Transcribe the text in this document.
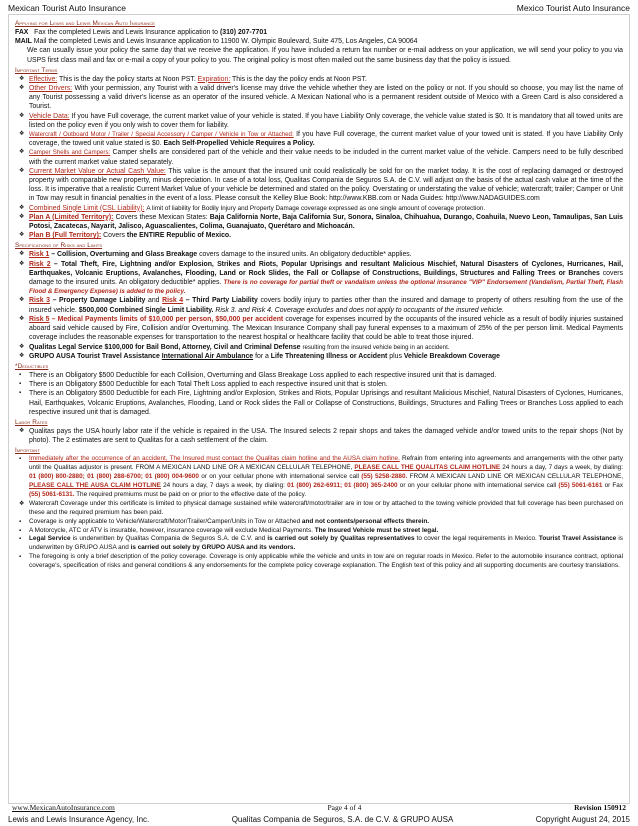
Mexican Tourist Auto Insurance	Mexico Tourist Auto Insurance
Applying for Lewis and Lewis Mexican Auto Insurance

FAX Fax the completed Lewis and Lewis Insurance application to (310) 207-7701

MAIL Mail the completed Lewis and Lewis Insurance application to 11900 W. Olympic Boulevard, Suite 475, Los Angeles, CA 90064

We can usually issue your policy the same day that we receive the application. If you have included a return fax number or e-mail address on your application, we will send your policy to you via USPS first class mail and fax or e-mail a copy of your policy to you. The original policy is most often mailed out the same business day that the policy is issued.

Important Terms
❖ Effective: This is the day the policy starts at Noon PST. Expiration: This is the day the policy ends at Noon PST.
❖ Other Drivers: With your permission, any Tourist with a valid driver's license may drive the vehicle whether they are listed on the policy or not. If you should so choose, you may list the name of any Tourist possessing a valid driver's license as an operator of the insured vehicle. A Mexican National who is a permanent resident outside of Mexico with a Green Card is also considered a Tourist.
❖ Vehicle Data: If you have Full coverage, the current market value of your vehicle is stated. If you have Liability Only coverage, the vehicle value stated is $0. It is mandatory that all towed units are listed on the policy even if you only wish to cover them for liability.
❖ Watercraft / Outboard Motor / Trailer / Special Accessory / Camper / Vehicle in Tow or Attached: If you have Full coverage, the current market value of your towed unit is stated. If you have Liability Only coverage, the towed unit value stated is $0. Each Self-Propelled Vehicle Requires a Policy.
❖ Camper Shells and Campers: Camper shells are considered part of the vehicle and their value needs to be included in the current market value of the vehicle. Campers need to be fully described with the current market value stated separately.
❖ Current Market Value or Actual Cash Value: This value is the amount that the insured unit could realistically be sold for on the market today. It is the cost of replacing damaged or destroyed property with comparable new property, minus depreciation. In case of a total loss, Qualitas Compania de Seguros S.A. de C.V. will adjust on the basis of the actual cash value at the time of the loss. It is imperative that a realistic Current Market Value of your vehicle be determined and stated on the policy. Overstating or understating the value of vehicle; watercraft; trailer; Camper or Unit in Tow may result in financial penalties in the event of a loss. Please consult the Kelley Blue Book: http://www.KBB.com or Nada Guides: http://www.NADAGUIDES.com
❖ Combined Single Limit (CSL Liability): A limit of liability for Bodily Injury and Property Damage coverage expressed as one single amount of coverage protection.
❖ Plan A (Limited Territory): Covers these Mexican States: Baja California Norte, Baja California Sur, Sonora, Sinaloa, Chihuahua, Durango, Coahuila, Nuevo Leon, Tamaulipas, San Luis Potosi, Zacatecas, Nayarit, Jalisco, Aguascalientes, Colima, Guanajuato, Querétaro and Michoacán.
❖ Plan B (Full Territory): Covers the ENTIRE Republic of Mexico.
Specifications of Risks and Limits
❖ Risk 1 – Collision, Overturning and Glass Breakage covers damage to the insured units. An obligatory deductible* applies.
❖ Risk 2 – Total Theft, Fire, Lightning and/or Explosion, Strikes and Riots, Popular Uprisings and resultant Malicious Mischief, Natural Disasters of Cyclones, Hurricanes, Hail, Earthquakes, Volcanic Eruptions, Avalanches, Flooding, Land or Rock Slides, the Fall or Collapse of Constructions, Buildings, Structures and Falling Trees or Branches covers damage to the insured units. An obligatory deductible* applies. There is no coverage for partial theft or vandalism unless the optional insurance "VIP" Endorsement (Vandalism, Partial Theft, Flash Flood & Emergency Expense) is added to the policy.
❖ Risk 3 – Property Damage Liability and Risk 4 – Third Party Liability covers bodily injury to parties other than the insured and damage to property of others resulting from the use of the insured vehicle. $500,000 Combined Single Limit Liability. Risk 3. and Risk 4. Coverage excludes and does not apply to occupants of the insured vehicle.
❖ Risk 5 – Medical Payments limits of $10,000 per person, $50,000 per accident coverage for expenses incurred by the occupants of the insured vehicle as a result of bodily injuries sustained aboard said vehicle caused by Fire, Collision and/or Overturning. The Mexican Insurance Company shall pay funeral expenses to a maximum of 25% of the per person limit. Medical Payments coverage includes the reasonable expenses for transportation to the nearest hospital or healthcare facility that could be able to treat those injured.
❖ Qualitas Legal Service $100,000 for Bail Bond, Attorney, Civil and Criminal Defense resulting from the insured vehicle being in an accident.
❖ GRUPO AUSA Tourist Travel Assistance International Air Ambulance for a Life Threatening Illness or Accident plus Vehicle Breakdown Coverage
*Deductibles
▪ There is an Obligatory $500 Deductible for each Collision, Overturning and Glass Breakage Loss applied to each respective insured unit that is damaged.
▪ There is an Obligatory $500 Deductible for each Total Theft Loss applied to each respective insured unit that is stolen.
▪ There is an Obligatory $500 Deductible for each Fire, Lightning and/or Explosion, Strikes and Riots, Popular Uprisings and resultant Malicious Mischief, Natural Disasters of Cyclones, Hurricanes, Hail, Earthquakes, Volcanic Eruptions, Avalanches, Flooding, Land or Rock slides the Fall or Collapse of Constructions, Buildings, Structures and Falling Trees or Branches Loss applied to each respective insured unit that is damaged.
Labor Rates
❖ Qualitas pays the USA hourly labor rate if the vehicle is repaired in the USA. The Insured selects 2 repair shops and takes the damaged vehicle and/or towed units to the repair shops (Not by photo). The 2 estimates are sent to Qualitas for a cash settlement of the claim.
Important
▪ Immediately after the occurrence of an accident, The Insured must contact the Qualitas claim hotline and the AUSA claim hotline. Refrain from entering into agreements and arrangements with the other party until the Qualitas adjustor is present. FROM A MEXICAN LAND LINE OR A MEXICAN CELLULAR TELEPHONE, PLEASE CALL THE QUALITAS CLAIM HOTLINE 24 hours a day, 7 days a week, by dialing: 01 (800) 800-2880; 01 (800) 288-6700; 01 (800) 004-9600 or on your cellular phone with international service call (55) 5258-2880. FROM A MEXICAN LAND LINE OR MEXICAN CELLULAR TELEPHONE, PLEASE CALL THE AUSA CLAIM HOTLINE 24 hours a day, 7 days a week, by dialing: 01 (800) 262-6911; 01 (800) 365-2400 or on your cellular phone with international service call (55) 5061-6161 or Fax (55) 5061-6131. The required premiums must be paid on or prior to the effective date of the policy.
❖ Watercraft Coverage under this certificate is limited to physical damage sustained while watercraft/motor/trailer are in tow or by attached to the towing vehicle provided that full coverage has been purchased on these and the required premium has been paid.
▪ Coverage is only applicable to Vehicle/Watercraft/Motor/Trailer/Camper/Units in Tow or Attached and not contents/personal effects therein.
▪ A Motorcycle, ATC or ATV is insurable, however, insurance coverage will exclude Medical Payments. The Insured Vehicle must be street legal.
▪ Legal Service is underwritten by Qualitas Compania de Seguros S.A. de C.V. and is carried out solely by Qualitas representatives to cover the legal requirements in Mexico. Tourist Travel Assistance is underwritten by GRUPO AUSA and is carried out solely by GRUPO AUSA and its vendors.
▪ The foregoing is only a brief description of the policy coverage. Coverage is only applicable while the vehicle and units in tow are on regular roads in Mexico. Refer to the automobile insurance contract, optional coverage's, specification of risks and general conditions & any endorsements for the complete policy coverage explanation. The English text of this policy and all supporting documents are courtesy translations.
www.MexicanAutoInsurance.com	Page 4 of 4	Revision 150912
Lewis and Lewis Insurance Agency, Inc.	Qualitas Compania de Seguros, S.A. de C.V. & GRUPO AUSA	Copyright August 24, 2015
